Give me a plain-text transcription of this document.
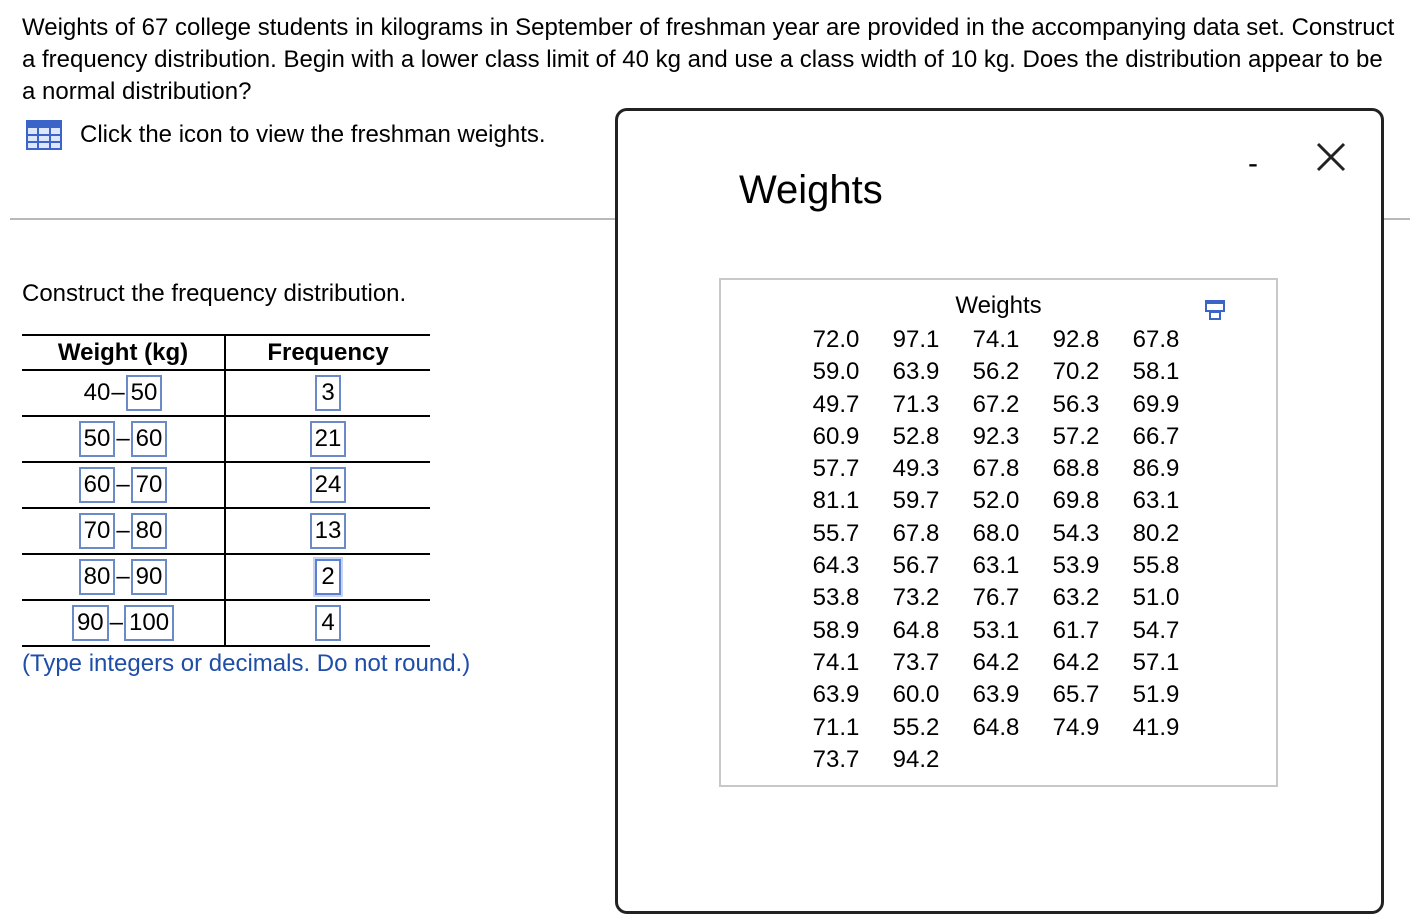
Weights of 67 college students in kilograms in September of freshman year are provided in the accompanying data set. Construct a frequency distribution. Begin with a lower class limit of 40 kg and use a class width of 10 kg. Does the distribution appear to be a normal distribution?
Click the icon to view the freshman weights.
Construct the frequency distribution.
Weight (kg)	Frequency
40– 50	3
50 – 60	21
60 – 70	24
70 – 80	13
80 – 90	2
90 – 100	4
(Type integers or decimals. Do not round.)
Weights
-
Weights
72.0	97.1	74.1	92.8	67.8
59.0	63.9	56.2	70.2	58.1
49.7	71.3	67.2	56.3	69.9
60.9	52.8	92.3	57.2	66.7
57.7	49.3	67.8	68.8	86.9
81.1	59.7	52.0	69.8	63.1
55.7	67.8	68.0	54.3	80.2
64.3	56.7	63.1	53.9	55.8
53.8	73.2	76.7	63.2	51.0
58.9	64.8	53.1	61.7	54.7
74.1	73.7	64.2	64.2	57.1
63.9	60.0	63.9	65.7	51.9
71.1	55.2	64.8	74.9	41.9
73.7	94.2
